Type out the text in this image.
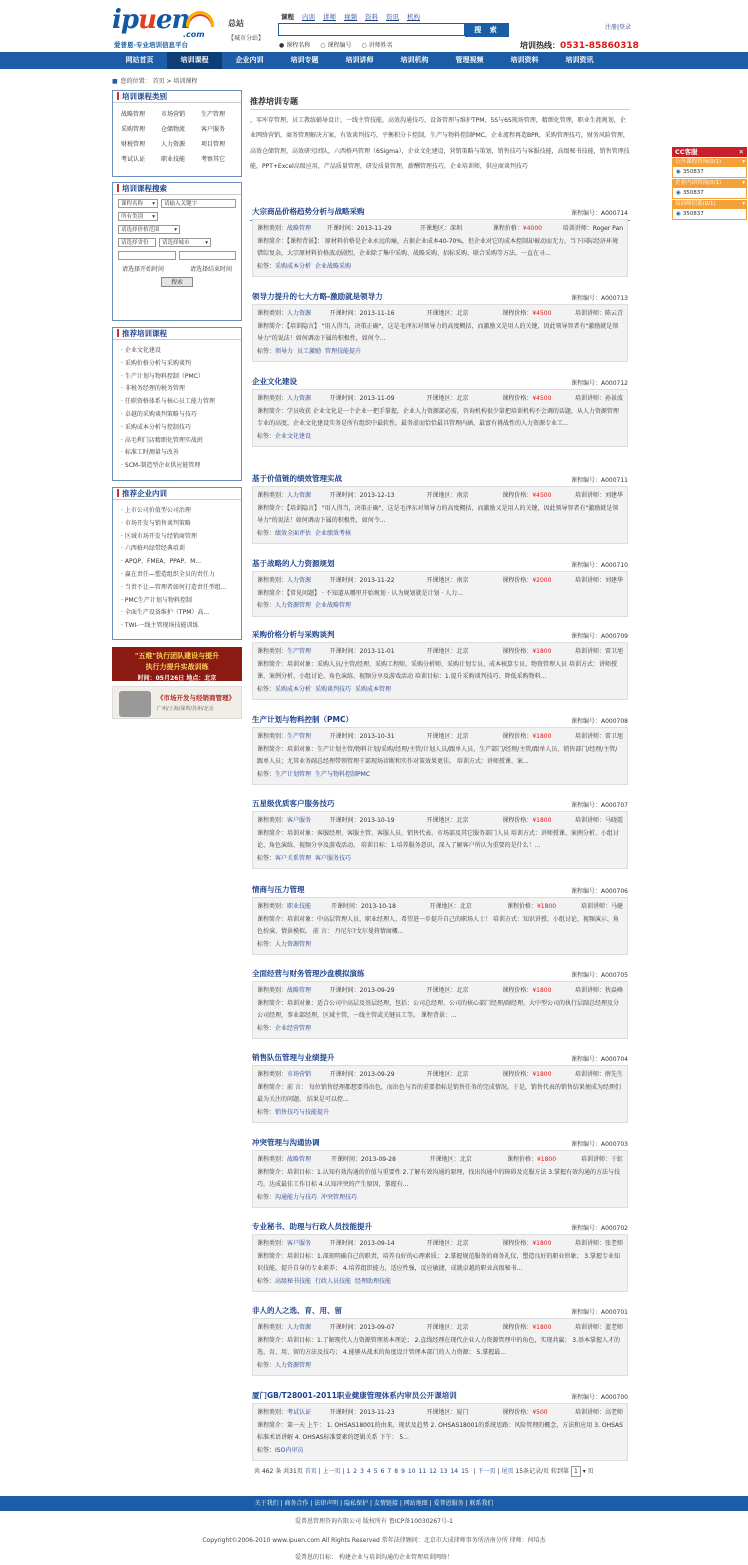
ipuen
.com
爱普恩·专业培训信息平台
总站
【城市分站】
课程	内训	讲师	视频	资料	资讯	机构
搜 索
● 课程名称	○ 课程编号	○ 讲师姓名
注册|登录
培训热线：0531-85860318
网站首页	培训课程	企业内训	培训专题	培训讲师	培训机构	管理视频	培训资料	培训资讯
■ 您的位置： 首页 > 培训课程
培训课程类别
战略管理	市场营销	生产管理
采购管理	仓储物流	客户服务
财税管理	人力资源	项目管理
考试认证	职业技能	考察其它
培训课程搜索
课程名称 ▾	请输入关键字
所有类别 ▾
请选择价格范围 ▾
请选择省份 ▾	请选择城市 ▾
请选择开始时间	请选择结束时间
搜索
推荐培训课程
· 企业文化建设
· 采购价格分析与采购谈判
· 生产计划与物料控制（PMC）
· 非税务经理的税务管理
· 任职资格体系与核心员工能力管理
· 卓越的采购谈判策略与技巧
· 采购成本分析与控制技巧
· 高毛利门店精细化管理实战班
· 标准工时测量与改善
· SCM-制造型企业供应链管理
推荐企业内训
· 上市公司价值型公司治理
· 市场开发与销售谈判策略
· 区域市场开发与经销商管理
· 六西格玛绿带经典培训
· APQP、FMEA、PPAP、M...
· 赢在责任—塑造组织全员的责任力
· 当责不让—管理者如何打造责任型组...
· PMC生产计划与物料控制
· 全面生产设备维护（TPM）高...
· TWI-一线主管现场技能训练
"五维"执行团队建设与提升
执行力提升实战训练
时间：05月26日 地点：北京
《市场开发与经销商管理》
广州/上海/深圳/苏州/北京
推荐培训专题
，零库存管理，员工教练辅导设计，一线主管技能，高效沟通技巧，设备管理与维护TPM，5S与6S现场管理，精细化管理，职业生涯规划，企业网络营销，商务管理解决方案，有效谈判技巧，平衡积分卡控制，生产与物料控制PMC，企业流程再造BPR，采购管理技巧，财务风险管理，高效仓储管理，高效研究团队，六西格玛管理（6Sigma），企业文化建设，营销策略与策划，销售技巧与客服技能，高级秘书技能，销售管理技能，PPT+Excel高级应用，产品质量管理，研发质量管理，薪酬管理技巧，企业培训师，供应商谈判技巧
大宗商品价格趋势分析与战略采购	课程编号：A000714
课程类别：战略管理	开课时间：2013-11-29	开课地区：深圳	课程价格：¥4000	培训讲师：Roger Pan
课程简介：【课程背景】： 原材料价格是企业永远的痛，占据企业成本40-70%，但企业对它的成本控制却被动而无力，当下国际经济环境错综复杂，大宗原材料价格波动剧烈，企业除了集中采购、战略采购、招标采购、联合采购等方法，一直在寻...
标签：采购成本分析 企业战略采购
领导力提升的七大方略-激励就是领导力	课程编号：A000713
课程类别：人力资源	开课时间：2013-11-16	开课地区：北京	课程价格：¥4500	培训讲师：陈云青
课程简介：【培训隐言】 "用人得当，决策正确"，这是毛泽东对领导力的高度概括，而激励又是用人的关键，因此领导智者有"激励就是领导力"的说法！如何调动下属的积极性，如何令...
标签：领导力 员工激励 管理技能提升
企业文化建设	课程编号：A000712
课程类别：人力资源	开课时间：2013-11-09	开课地区：北京	课程价格：¥4500	培训讲师：孙景波
课程简介：学员收获 企业文化是一个企业一把手掌握，企业人力资源部必需，咨询机构很少第把培训机构不会调的话题，从人力资源管理专业的高度，企业文化建设实务是所有组织中最软性，最务虚而恰恰最具管理内涵、最富有挑战性的人力资源专业工...
标签：企业文化建设
基于价值链的绩效管理实战	课程编号：A000711
课程类别：人力资源	开课时间：2013-12-13	开课地区：南京	课程价格：¥4500	培训讲师：刘建华
课程简介：【培训隐言】 "用人得当，决策正确"，这是毛泽东对领导力的高度概括，而激励又是用人的关键，因此领导智者有"激励就是领导力"的说法！如何调动下属的积极性，如何令...
标签：绩效全面评估 企业绩效考核
基于战略的人力资源规划	课程编号：A000710
课程类别：人力资源	开课时间：2013-11-22	开课地区：南京	课程价格：¥2000	培训讲师：刘建华
课程简介：【常见问题】 · 不知道从哪里开始规划 · 认为规划就是计划 · 人力...
标签：人力资源管理 企业战略管理
采购价格分析与采购谈判	课程编号：A000709
课程类别：生产管理	开课时间：2013-11-01	开课地区：北京	课程价格：¥1800	培训讲师：雷卫旭
课程简介：培训对象：采购人员/主管/经理、采购工程师、采购分析师、采购计划专员、成本核算专员、物资管理人员 培训方式：讲师授课、案例分析、小组讨论、角色演练、视频分享及游戏活动 培训目标：1.提升采购谈判技巧、降低采购物料...
标签：采购成本分析 采购谈判技巧 采购成本管理
生产计划与物料控制（PMC）	课程编号：A000708
课程类别：生产管理	开课时间：2013-10-31	开课地区：北京	课程价格：¥1800	培训讲师：雷卫旭
课程简介：培训对象：生产计划主管/物料计划/采购/经理/主管/计划人员/跟单人员、生产部门/经理/主管/跟单人员、销售部门/经理/主管/跟单人员；尤其业务副总经理带领管理干部现场诊断和实作对策效果更佳。 培训方式：讲师授课、案...
标签：生产计划管理 生产与物料控制PMC
五星级优质客户服务技巧	课程编号：A000707
课程类别：客户服务	开课时间：2013-10-19	开课地区：北京	课程价格：¥1800	培训讲师：马晓霞
课程简介：培训对象：客服经理、客服主管、客服人员、销售代表、市场部及其它服务部门人员 培训方式：讲师授课、案例分析、小组讨论、角色演练、视频分享及游戏活动。 培训目标：1.培养服务意识，深入了解客户所认为重要的是什么！...
标签：客户关系管理 客户服务技巧
情商与压力管理	课程编号：A000706
课程类别：职业技能	开课时间：2013-10-18	开课地区：北京	课程价格：¥1800	培训讲师：马健
课程简介：培训对象：中高层管理人员、职业经理人、希望进一步提升自己的职场人士！ 培训方式：知识讲授、小组讨论、视频演示、角色扮演、情景模拟。 前 言： 丹尼尔?戈尔曼将情商概...
标签：人力资源管理
全面经营与财务管理沙盘模拟演练	课程编号：A000705
课程类别：战略管理	开课时间：2013-09-29	开课地区：北京	课程价格：¥1800	培训讲师：狄焱峰
课程简介：培训对象：适合公司中高层及基层经理，包括：公司总经理、公司的核心部门经理/副经理，大中型公司的执行层副总经理及分公司经理，事业部经理，区域主管，一线主管或关键员工等。 课程背景：...
标签：企业经营管理
销售队伍管理与业绩提升	课程编号：A000704
课程类别：市场营销	开课时间：2013-09-29	开课地区：北京	课程价格：¥1800	培训讲师：薛先生
课程简介：前 言： 每位销售经理都想要得出色，而出色与否的重要指标是销售任务的完成情况。于是，销售代表的销售结果便成为经理们最为关注的问题。 结果是可以控...
标签：销售技巧与技能提升
冲突管理与沟通协调	课程编号：A000703
课程类别：战略管理	开课时间：2013-09-28	开课地区：北京	课程价格：¥1800	培训讲师：于虹
课程简介：培训目标：1.认知有效沟通的价值与重要性 2.了解有效沟通的原理，找出沟通中的障碍及克服方法 3.掌握有效沟通的方法与技巧，达成最佳工作目标 4.认知冲突的产生原因，掌握有...
标签：沟通能力与技巧 冲突管理技巧
专业秘书、助理与行政人员技能提升	课程编号：A000702
课程类别：客户服务	开课时间：2013-09-14	开课地区：北京	课程价格：¥1800	培训讲师：张老师
课程简介：培训目标：1.深刻明确自己的职责，培养良好的心理素质； 2.掌握规范服务的商务礼仪，塑造良好的职业形象； 3.掌握专业知识技能，提升自身的专业素养； 4.培养组织能力，适应性强，反应敏捷，成就卓越的职业高级秘书...
标签：高级秘书技能 行政人员技能 经理助理技能
非人的人之选、育、用、留	课程编号：A000701
课程类别：人力资源	开课时间：2013-09-07	开课地区：北京	课程价格：¥1800	培训讲师：蓝老师
课程简介：培训目标：1.了解现代人力资源管理基本理论； 2.直线经理在现代企业人力资源管理中的角色，实现共赢； 3.基本掌握人才的选、育、用、留的方法及技巧； 4.能够从战术的角度设计管理本部门的人力资源； 5.掌握最...
标签：人力资源管理
厦门GB/T28001-2011职业健康管理体系内审员公开课培训	课程编号：A000700
课程类别：考试认证	开课时间：2013-11-23	开课地区：厦门	课程价格：¥500	培训讲师：高老师
课程简介：第一天 上午： 1. OHSAS18001的由来，现状及趋势 2. OHSAS18001的系统思路：风险管理的概念，方法和应用 3. OHSAS标准术语讲解 4. OHSAS标准要素的逻辑关系 下午： 5...
标签：ISO内审员
共 462 条 共31页 首页 | 上一页 | 1 2 3 4 5 6 7 8 9 10 11 12 13 14 15 | 下一页 | 尾页 15条记录/页 转到第 1 ▾ 页
CC客服	✕
▾
公开课程咨询(0/1)
◉ 350837
▾
企业内训咨询(0/1)
◉ 350837
▾
培训师招募(0/1)
◉ 350837
关于我们 | 商务合作 | 法律声明 | 隐私保护 | 友情链接 | 网站地图 | 爱普恩服务 | 联系我们
爱普恩管理咨询有限公司 版权所有 鲁ICP备10030267号-1
Copyright©2006-2010 www.ipuen.com All Rights Reserved 常年法律顾问：北京市大成律师事务所济南分所 律师：何培杰
爱普恩的目标： 构建企业与培训沟通的企业管理培训网络！
